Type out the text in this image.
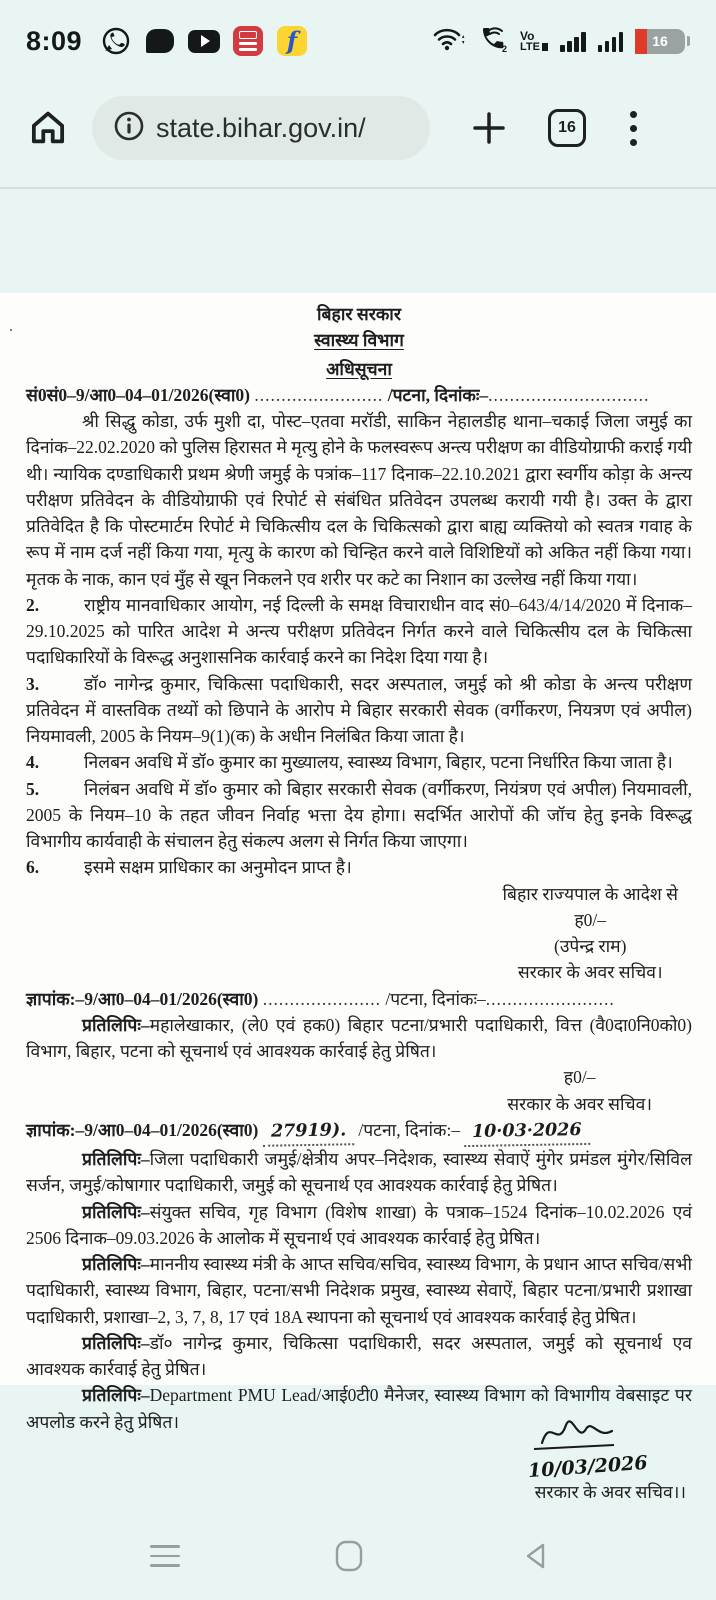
8:09	f	2
Vo
LTE	16
state.bihar.gov.in/	16
.
बिहार सरकार
स्वास्थ्य विभाग
अधिसूचना

सं0सं0–9/आ0–04–01/2026(स्वा0) ........................ /पटना, दिनांकः–..............................

श्री सिद्धु कोडा, उर्फ मुशी दा, पोस्ट–एतवा मरॉडी, साकिन नेहालडीह थाना–चकाई जिला जमुई का दिनांक–22.02.2020 को पुलिस हिरासत मे मृत्यु होने के फलस्वरूप अन्त्य परीक्षण का वीडियोग्राफी कराई गयी थी। न्यायिक दण्डाधिकारी प्रथम श्रेणी जमुई के पत्रांक–117 दिनाक–22.10.2021 द्वारा स्वर्गीय कोड़ा के अन्त्य परीक्षण प्रतिवेदन के वीडियोग्राफी एवं रिपोर्ट से संबंधित प्रतिवेदन उपलब्ध करायी गयी है। उक्त के द्वारा प्रतिवेदित है कि पोस्टमार्टम रिपोर्ट मे चिकित्सीय दल के चिकित्सको द्वारा बाह्य व्यक्तियो को स्वतत्र गवाह के रूप में नाम दर्ज नहीं किया गया, मृत्यु के कारण को चिन्हित करने वाले विशिष्टियों को अकित नहीं किया गया। मृतक के नाक, कान एवं मुँह से खून निकलने एव शरीर पर कटे का निशान का उल्लेख नहीं किया गया।

2.	राष्ट्रीय मानवाधिकार आयोग, नई दिल्ली के समक्ष विचाराधीन वाद सं0–643/4/14/2020 में दिनाक–29.10.2025 को पारित आदेश मे अन्त्य परीक्षण प्रतिवेदन निर्गत करने वाले चिकित्सीय दल के चिकित्सा पदाधिकारियों के विरूद्ध अनुशासनिक कार्रवाई करने का निदेश दिया गया है।

3.	डॉ० नागेन्द्र कुमार, चिकित्सा पदाधिकारी, सदर अस्पताल, जमुई को श्री कोडा के अन्त्य परीक्षण प्रतिवेदन में वास्तविक तथ्यों को छिपाने के आरोप मे बिहार सरकारी सेवक (वर्गीकरण, नियत्रण एवं अपील) नियमावली, 2005 के नियम–9(1)(क) के अधीन निलंबित किया जाता है।

4.	निलबन अवधि में डॉ० कुमार का मुख्यालय, स्वास्थ्य विभाग, बिहार, पटना निर्धारित किया जाता है।

5.	निलंबन अवधि में डॉ० कुमार को बिहार सरकारी सेवक (वर्गीकरण, नियंत्रण एवं अपील) नियमावली, 2005 के नियम–10 के तहत जीवन निर्वाह भत्ता देय होगा। सदर्भित आरोपों की जॉच हेतु इनके विरूद्ध विभागीय कार्यवाही के संचालन हेतु संकल्प अलग से निर्गत किया जाएगा।

6.	इसमे सक्षम प्राधिकार का अनुमोदन प्राप्त है।

बिहार राज्यपाल के आदेश से
ह0/–
(उपेन्द्र राम)
सरकार के अवर सचिव।

ज्ञापांक:–9/आ0–04–01/2026(स्वा0) ...................... /पटना, दिनांकः–........................

प्रतिलिपिः–महालेखाकार, (ले0 एवं हक0) बिहार पटना/प्रभारी पदाधिकारी, वित्त (वै0दा0नि0को0) विभाग, बिहार, पटना को सूचनार्थ एवं आवश्यक कार्रवाई हेतु प्रेषित।

ह0/–
सरकार के अवर सचिव।

ज्ञापांक:–9/आ0–04–01/2026(स्वा0) 27919). /पटना, दिनांक:– 10·03·2026

प्रतिलिपिः–जिला पदाधिकारी जमुई/क्षेत्रीय अपर–निदेशक, स्वास्थ्य सेवाऐं मुंगेर प्रमंडल मुंगेर/सिविल सर्जन, जमुई/कोषागार पदाधिकारी, जमुई को सूचनार्थ एव आवश्यक कार्रवाई हेतु प्रेषित।

प्रतिलिपिः–संयुक्त सचिव, गृह विभाग (विशेष शाखा) के पत्राक–1524 दिनांक–10.02.2026 एवं 2506 दिनाक–09.03.2026 के आलोक में सूचनार्थ एवं आवश्यक कार्रवाई हेतु प्रेषित।

प्रतिलिपिः–माननीय स्वास्थ्य मंत्री के आप्त सचिव/सचिव, स्वास्थ्य विभाग, के प्रधान आप्त सचिव/सभी पदाधिकारी, स्वास्थ्य विभाग, बिहार, पटना/सभी निदेशक प्रमुख, स्वास्थ्य सेवाऐं, बिहार पटना/प्रभारी प्रशाखा पदाधिकारी, प्रशाखा–2, 3, 7, 8, 17 एवं 18A स्थापना को सूचनार्थ एवं आवश्यक कार्रवाई हेतु प्रेषित।

प्रतिलिपिः–डॉ० नागेन्द्र कुमार, चिकित्सा पदाधिकारी, सदर अस्पताल, जमुई को सूचनार्थ एव आवश्यक कार्रवाई हेतु प्रेषित।

प्रतिलिपिः–Department PMU Lead/आई0टी0 मैनेजर, स्वास्थ्य विभाग को विभागीय वेबसाइट पर अपलोड करने हेतु प्रेषित।

10/03/2026
सरकार के अवर सचिव।।
